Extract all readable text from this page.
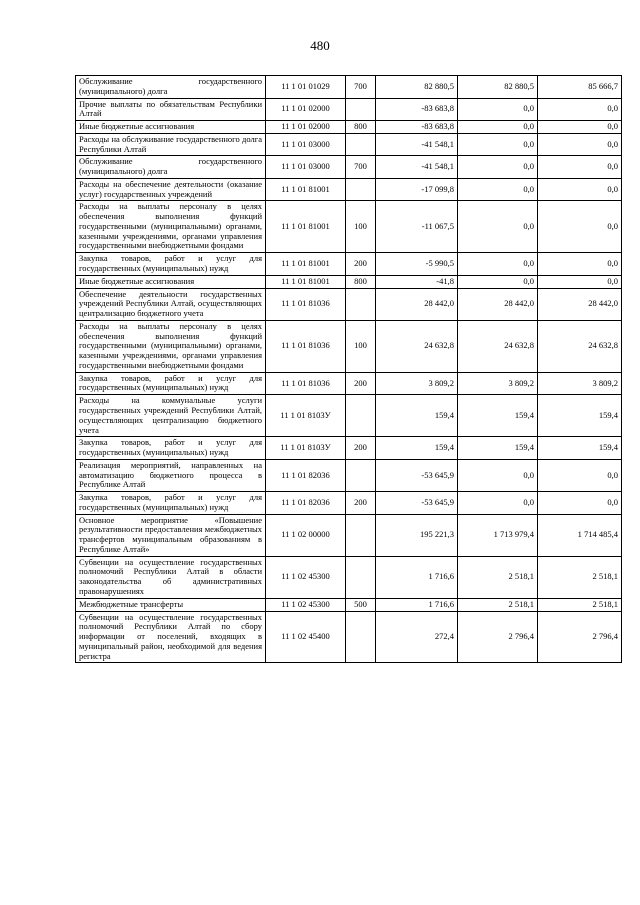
480
Обслуживание государственного (муниципального) долга	11 1 01 01029	700	82 880,5	82 880,5	85 666,7
Прочие выплаты по обязательствам Республики Алтай	11 1 01 02000		-83 683,8	0,0	0,0
Иные бюджетные ассигнования	11 1 01 02000	800	-83 683,8	0,0	0,0
Расходы на обслуживание государственного долга Республики Алтай	11 1 01 03000		-41 548,1	0,0	0,0
Обслуживание государственного (муниципального) долга	11 1 01 03000	700	-41 548,1	0,0	0,0
Расходы на обеспечение деятельности (оказание услуг) государственных учреждений	11 1 01 81001		-17 099,8	0,0	0,0
Расходы на выплаты персоналу в целях обеспечения выполнения функций государственными (муниципальными) органами, казенными учреждениями, органами управления государственными внебюджетными фондами	11 1 01 81001	100	-11 067,5	0,0	0,0
Закупка товаров, работ и услуг для государственных (муниципальных) нужд	11 1 01 81001	200	-5 990,5	0,0	0,0
Иные бюджетные ассигнования	11 1 01 81001	800	-41,8	0,0	0,0
Обеспечение деятельности государственных учреждений Республики Алтай, осуществляющих централизацию бюджетного учета	11 1 01 81036		28 442,0	28 442,0	28 442,0
Расходы на выплаты персоналу в целях обеспечения выполнения функций государственными (муниципальными) органами, казенными учреждениями, органами управления государственными внебюджетными фондами	11 1 01 81036	100	24 632,8	24 632,8	24 632,8
Закупка товаров, работ и услуг для государственных (муниципальных) нужд	11 1 01 81036	200	3 809,2	3 809,2	3 809,2
Расходы на коммунальные услуги государственных учреждений Республики Алтай, осуществляющих централизацию бюджетного учета	11 1 01 8103У		159,4	159,4	159,4
Закупка товаров, работ и услуг для государственных (муниципальных) нужд	11 1 01 8103У	200	159,4	159,4	159,4
Реализация мероприятий, направленных на автоматизацию бюджетного процесса в Республике Алтай	11 1 01 82036		-53 645,9	0,0	0,0
Закупка товаров, работ и услуг для государственных (муниципальных) нужд	11 1 01 82036	200	-53 645,9	0,0	0,0
Основное мероприятие «Повышение результативности предоставления межбюджетных трансфертов муниципальным образованиям в Республике Алтай»	11 1 02 00000		195 221,3	1 713 979,4	1 714 485,4
Субвенции на осуществление государственных полномочий Республики Алтай в области законодательства об административных правонарушениях	11 1 02 45300		1 716,6	2 518,1	2 518,1
Межбюджетные трансферты	11 1 02 45300	500	1 716,6	2 518,1	2 518,1
Субвенции на осуществление государственных полномочий Республики Алтай по сбору информации от поселений, входящих в муниципальный район, необходимой для ведения регистра	11 1 02 45400		272,4	2 796,4	2 796,4
